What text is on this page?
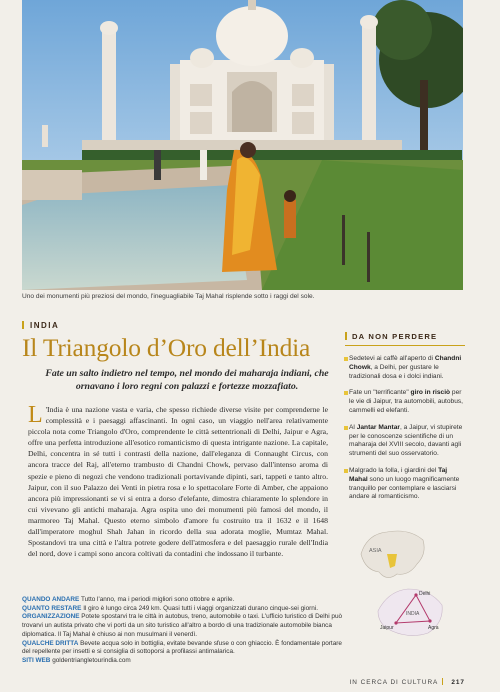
Uno dei monumenti più preziosi del mondo, l'ineguagliabile Taj Mahal risplende sotto i raggi del sole.
INDIA
Il Triangolo d’Oro dell’India
Fate un salto indietro nel tempo, nel mondo dei maharaja indiani, che ornavano i loro regni con palazzi e fortezze mozzafiato.
L 'India è una nazione vasta e varia, che spesso richiede diverse visite per comprenderne le complessità e i paesaggi affascinanti. In ogni caso, un viaggio nell'area relativamente piccola nota come Triangolo d'Oro, comprendente le città settentrionali di Delhi, Jaipur e Agra, offre una perfetta introduzione all'esotico romanticismo di questa intrigante nazione. La capitale, Delhi, concentra in sé tutti i contrasti della nazione, dall'eleganza di Connaught Circus, con ancora tracce del Raj, all'eterno trambusto di Chandni Chowk, pervaso dall'intenso aroma di spezie e pieno di negozi che vendono tradizionali portavivande dipinti, sari, tappeti e tanto altro. Jaipur, con il suo Palazzo dei Venti in pietra rosa e lo spettacolare Forte di Amber, che appaiono ancora più impressionanti se vi si entra a dorso d'elefante, dimostra chiaramente lo splendore in cui vivevano gli antichi maharaja. Agra ospita uno dei monumenti più famosi del mondo, il marmoreo Taj Mahal. Questo eterno simbolo d'amore fu costruito tra il 1632 e il 1648 dall'imperatore moghul Shah Jahan in ricordo della sua adorata moglie, Mumtaz Mahal. Spostandovi tra una città e l'altra potrete godere dell'atmosfera e del paesaggio rurale dell'India del nord, dove i campi sono ancora coltivati da contadini che indossano il turbante.
DA NON PERDERE
Sedetevi ai caffè all'aperto di Chandni Chowk, a Delhi, per gustare le tradizionali dosa e i dolci indiani.
Fate un "terrificante" giro in risciò per le vie di Jaipur, tra automobili, autobus, cammelli ed elefanti.
Al Jantar Mantar, a Jaipur, vi stupirete per le conoscenze scientifiche di un maharaja del XVIII secolo, davanti agli strumenti del suo osservatorio.
Malgrado la folla, i giardini del Taj Mahal sono un luogo magnificamente tranquillo per contemplare e lasciarsi andare al romanticismo.
ASIA
Delhi
Agra
Jaipur
INDIA
QUANDO ANDARE Tutto l'anno, ma i periodi migliori sono ottobre e aprile.
QUANTO RESTARE Il giro è lungo circa 249 km. Quasi tutti i viaggi organizzati durano cinque-sei giorni.
ORGANIZZAZIONE Potete spostarvi tra le città in autobus, treno, automobile o taxi. L'ufficio turistico di Delhi può trovarvi un autista privato che vi porti da un sito turistico all'altro a bordo di una tradizionale automobile bianca diplomatica. Il Taj Mahal è chiuso ai non musulmani il venerdì.
QUALCHE DRITTA Bevete acqua solo in bottiglia, evitate bevande sfuse o con ghiaccio. È fondamentale portare del repellente per insetti e si consiglia di sottoporsi a profilassi antimalarica.
SITI WEB goldentriangletourindia.com
IN CERCA DI CULTURA 217
